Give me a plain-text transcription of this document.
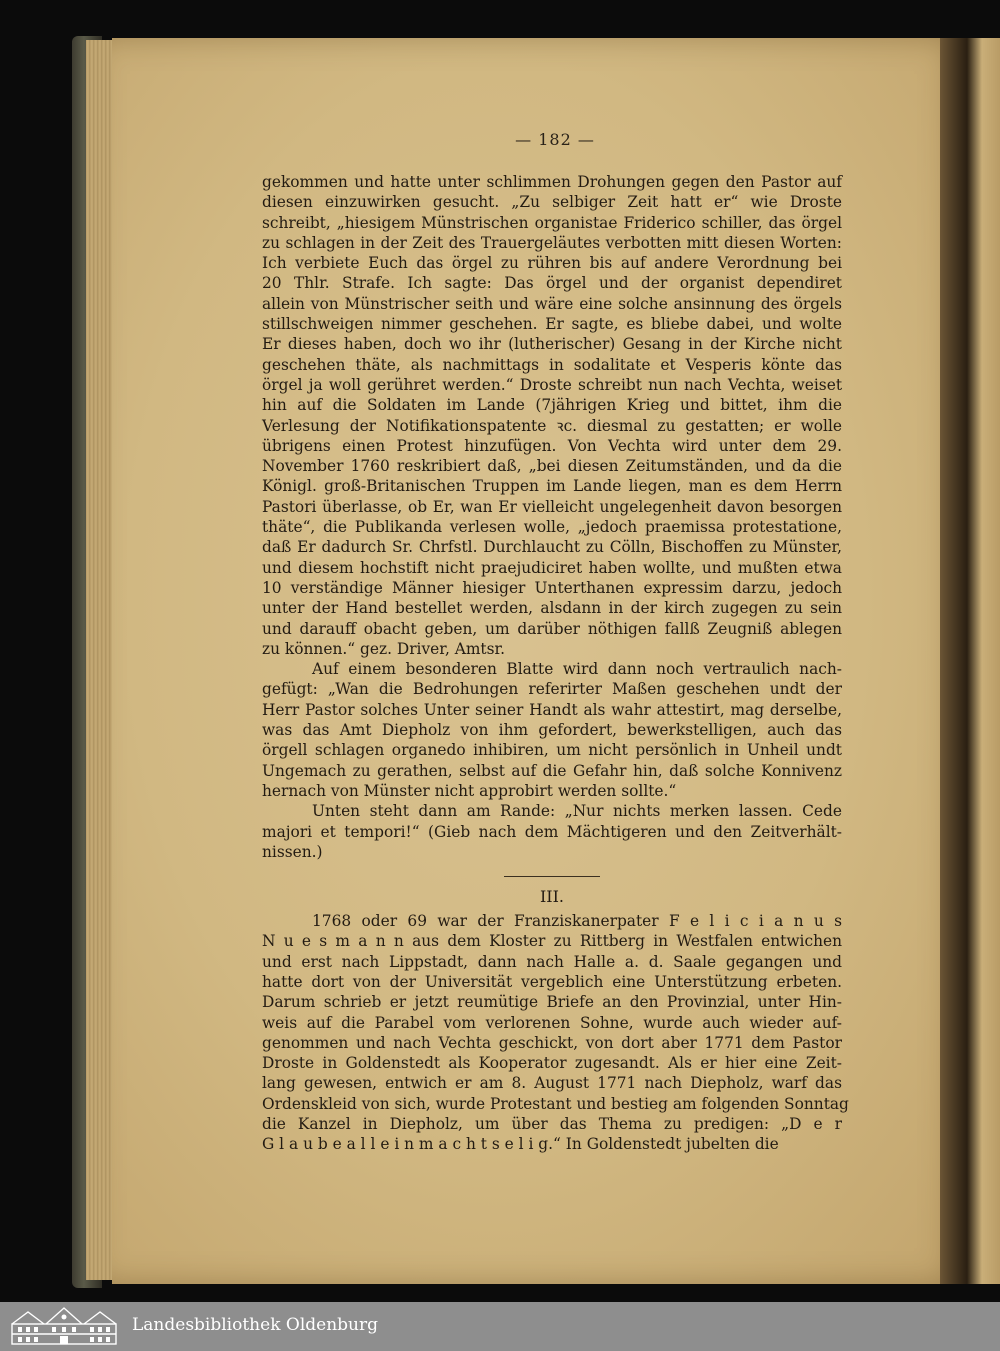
— 182 —
gekommen und hatte unter schlimmen Drohungen gegen den Pastor auf
diesen einzuwirken gesucht. „Zu selbiger Zeit hatt er“ wie Droste
schreibt, „hiesigem Münstrischen organistae Friderico schiller, das örgel
zu schlagen in der Zeit des Trauergeläutes verbotten mitt diesen Worten:
Ich verbiete Euch das örgel zu rühren bis auf andere Verordnung bei
20 Thlr. Strafe. Ich sagte: Das örgel und der organist dependiret
allein von Münstrischer seith und wäre eine solche ansinnung des örgels
stillschweigen nimmer geschehen. Er sagte, es bliebe dabei, und wolte
Er dieses haben, doch wo ihr (lutherischer) Gesang in der Kirche nicht
geschehen thäte, als nachmittags in sodalitate et Vesperis könte das
örgel ja woll gerühret werden.“ Droste schreibt nun nach Vechta, weiset
hin auf die Soldaten im Lande (7jährigen Krieg und bittet, ihm die
Verlesung der Notifikationspatente ꝛc. diesmal zu gestatten; er wolle
übrigens einen Protest hinzufügen. Von Vechta wird unter dem 29.
November 1760 reskribiert daß, „bei diesen Zeitumständen, und da die
Königl. groß-Britanischen Truppen im Lande liegen, man es dem Herrn
Pastori überlasse, ob Er, wan Er vielleicht ungelegenheit davon besorgen
thäte“, die Publikanda verlesen wolle, „jedoch praemissa protestatione,
daß Er dadurch Sr. Chrfstl. Durchlaucht zu Cölln, Bischoffen zu Münster,
und diesem hochstift nicht praejudiciret haben wollte, und mußten etwa
10 verständige Männer hiesiger Unterthanen expressim darzu, jedoch
unter der Hand bestellet werden, alsdann in der kirch zugegen zu sein
und darauff obacht geben, um darüber nöthigen fallß Zeugniß ablegen
zu können.“ gez. Driver, Amtsr.
Auf einem besonderen Blatte wird dann noch vertraulich nach-
gefügt: „Wan die Bedrohungen referirter Maßen geschehen undt der
Herr Pastor solches Unter seiner Handt als wahr attestirt, mag derselbe,
was das Amt Diepholz von ihm gefordert, bewerkstelligen, auch das
örgell schlagen organedo inhibiren, um nicht persönlich in Unheil undt
Ungemach zu gerathen, selbst auf die Gefahr hin, daß solche Konnivenz
hernach von Münster nicht approbirt werden sollte.“
Unten steht dann am Rande: „Nur nichts merken lassen. Cede
majori et tempori!“ (Gieb nach dem Mächtigeren und den Zeitverhält-
nissen.)
III.
1768 oder 69 war der Franziskanerpater F e l i c i a n u s
N u e s m a n n aus dem Kloster zu Rittberg in Westfalen entwichen
und erst nach Lippstadt, dann nach Halle a. d. Saale gegangen und
hatte dort von der Universität vergeblich eine Unterstützung erbeten.
Darum schrieb er jetzt reumütige Briefe an den Provinzial, unter Hin-
weis auf die Parabel vom verlorenen Sohne, wurde auch wieder auf-
genommen und nach Vechta geschickt, von dort aber 1771 dem Pastor
Droste in Goldenstedt als Kooperator zugesandt. Als er hier eine Zeit-
lang gewesen, entwich er am 8. August 1771 nach Diepholz, warf das
Ordenskleid von sich, wurde Protestant und bestieg am folgenden Sonntag
die Kanzel in Diepholz, um über das Thema zu predigen: „D e r
G l a u b e a l l e i n m a c h t s e l i g.“ In Goldenstedt jubelten die
Landesbibliothek Oldenburg
